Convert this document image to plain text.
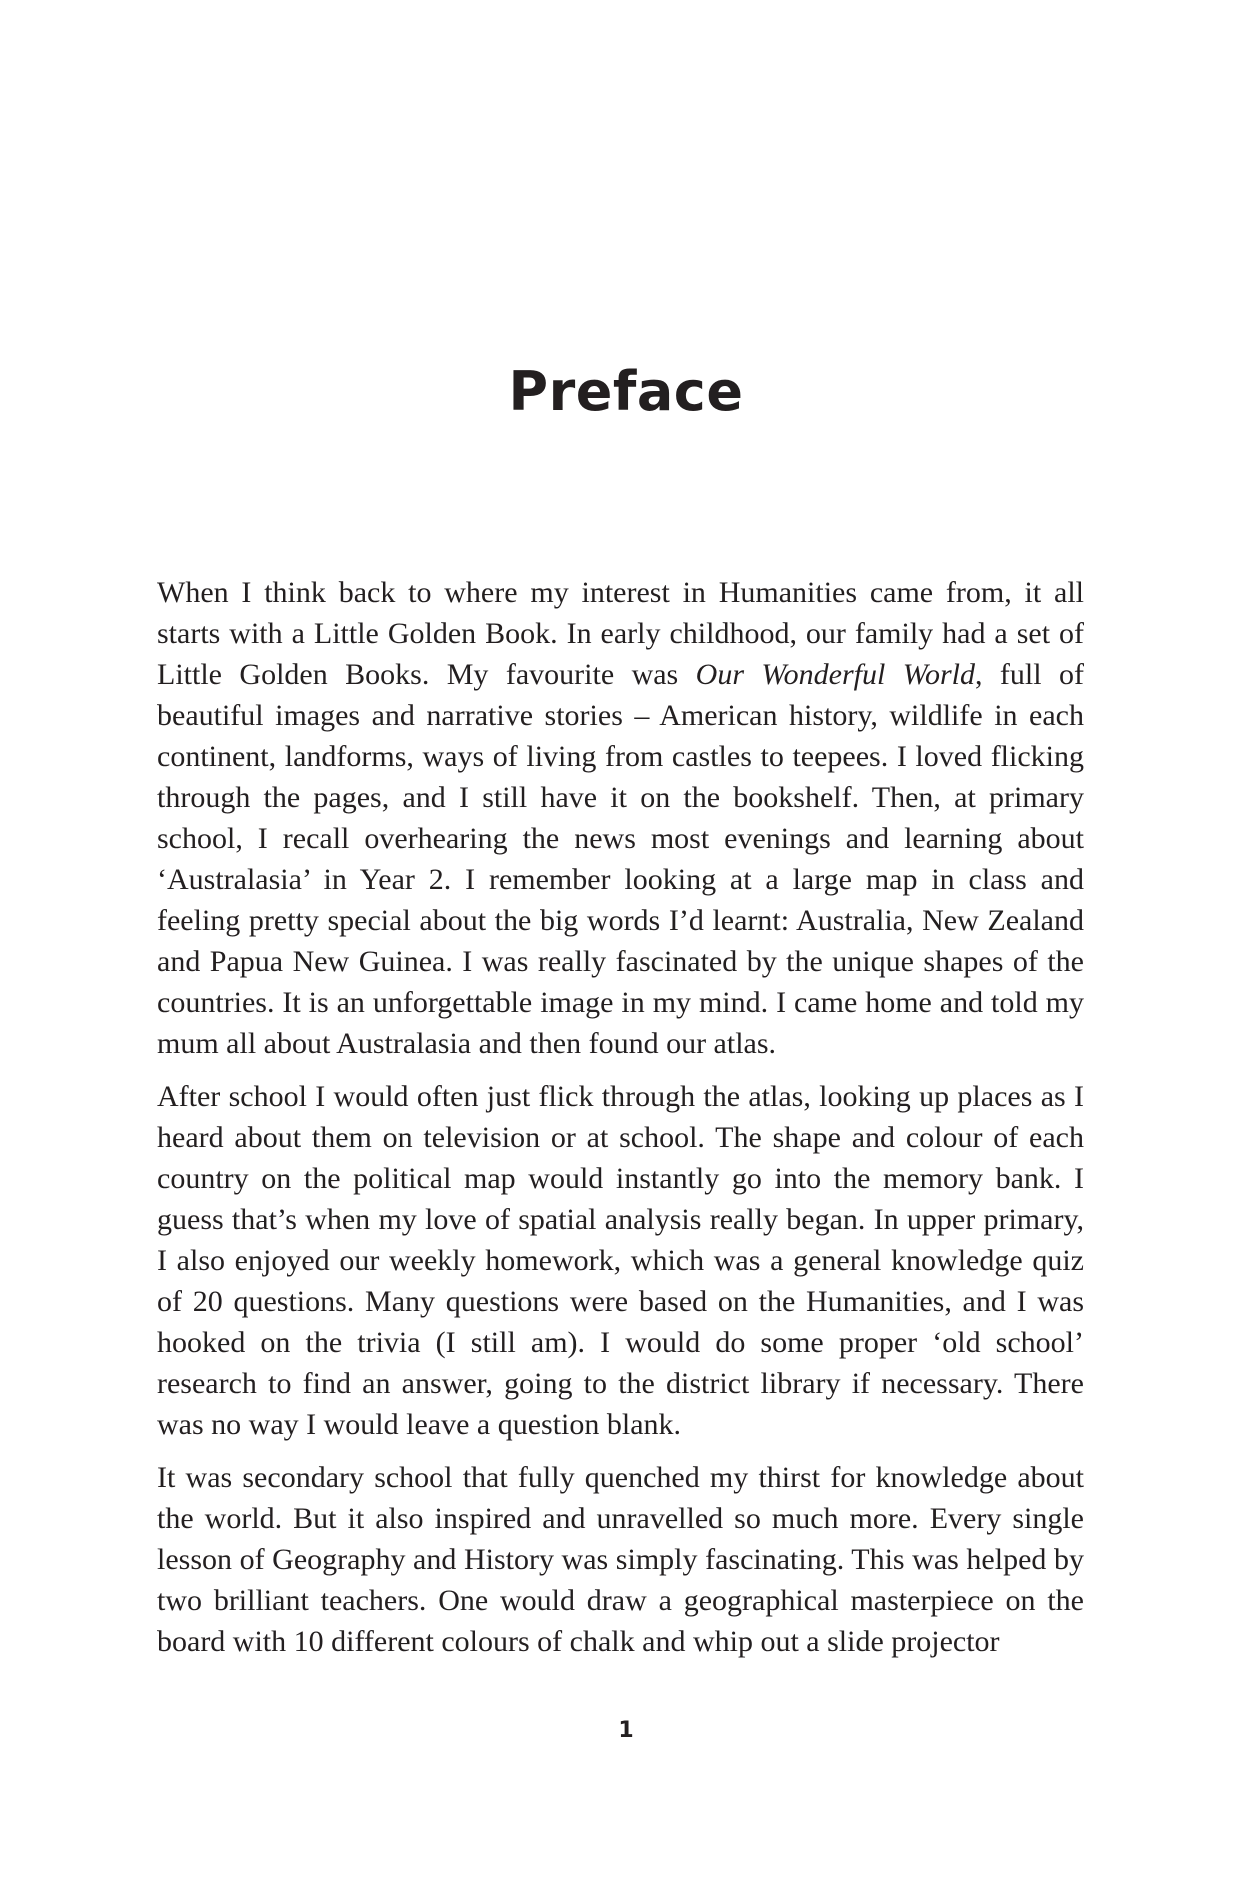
Preface

When I think back to where my interest in Humanities came from, it all starts with a Little Golden Book. In early childhood, our family had a set of Little Golden Books. My favourite was Our Wonderful World, full of beautiful images and narrative stories – American history, wildlife in each continent, landforms, ways of living from castles to teepees. I loved flicking through the pages, and I still have it on the bookshelf. Then, at primary school, I recall overhearing the news most evenings and learning about ‘Australasia’ in Year 2. I remember looking at a large map in class and feeling pretty special about the big words I’d learnt: Australia, New Zealand and Papua New Guinea. I was really fascinated by the unique shapes of the countries. It is an unforgettable image in my mind. I came home and told my mum all about Australasia and then found our atlas.

After school I would often just flick through the atlas, looking up places as I heard about them on television or at school. The shape and colour of each country on the political map would instantly go into the memory bank. I guess that’s when my love of spatial analysis really began. In upper primary, I also enjoyed our weekly homework, which was a general knowledge quiz of 20 questions. Many questions were based on the Humanities, and I was hooked on the trivia (I still am). I would do some proper ‘old school’ research to find an answer, going to the district library if necessary. There was no way I would leave a question blank.

It was secondary school that fully quenched my thirst for knowledge about the world. But it also inspired and unravelled so much more. Every single lesson of Geography and History was simply fascinating. This was helped by two brilliant teachers. One would draw a geographical masterpiece on the board with 10 different colours of chalk and whip out a slide projector

1
